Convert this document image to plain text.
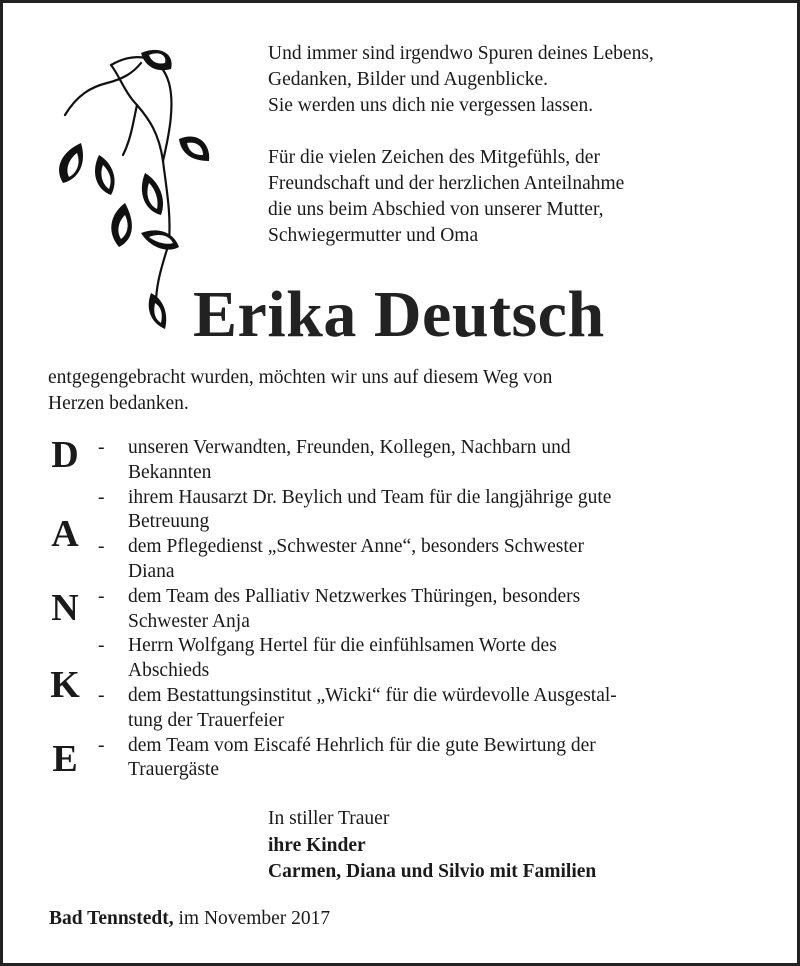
Und immer sind irgendwo Spuren deines Lebens,

Gedanken, Bilder und Augenblicke.

Sie werden uns dich nie vergessen lassen.

Für die vielen Zeichen des Mitgefühls, der

Freundschaft und der herzlichen Anteilnahme

die uns beim Abschied von unserer Mutter,

Schwiegermutter und Oma

Erika Deutsch
entgegengebracht wurden, möchten wir uns auf diesem Weg von
Herzen bedanken.
D
A
N
K
E
-	unseren Verwandten, Freunden, Kollegen, Nachbarn und
Bekannten
-	ihrem Hausarzt Dr. Beylich und Team für die langjährige gute
Betreuung
-	dem Pflegedienst „Schwester Anne“, besonders Schwester
Diana
-	dem Team des Palliativ Netzwerkes Thüringen, besonders
Schwester Anja
-	Herrn Wolfgang Hertel für die einfühlsamen Worte des
Abschieds
-	dem Bestattungsinstitut „Wicki“ für die würdevolle Ausgestal-
tung der Trauerfeier
-	dem Team vom Eiscafé Hehrlich für die gute Bewirtung der
Trauergäste
In stiller Trauer
ihre Kinder
Carmen, Diana und Silvio mit Familien
Bad Tennstedt, im November 2017
